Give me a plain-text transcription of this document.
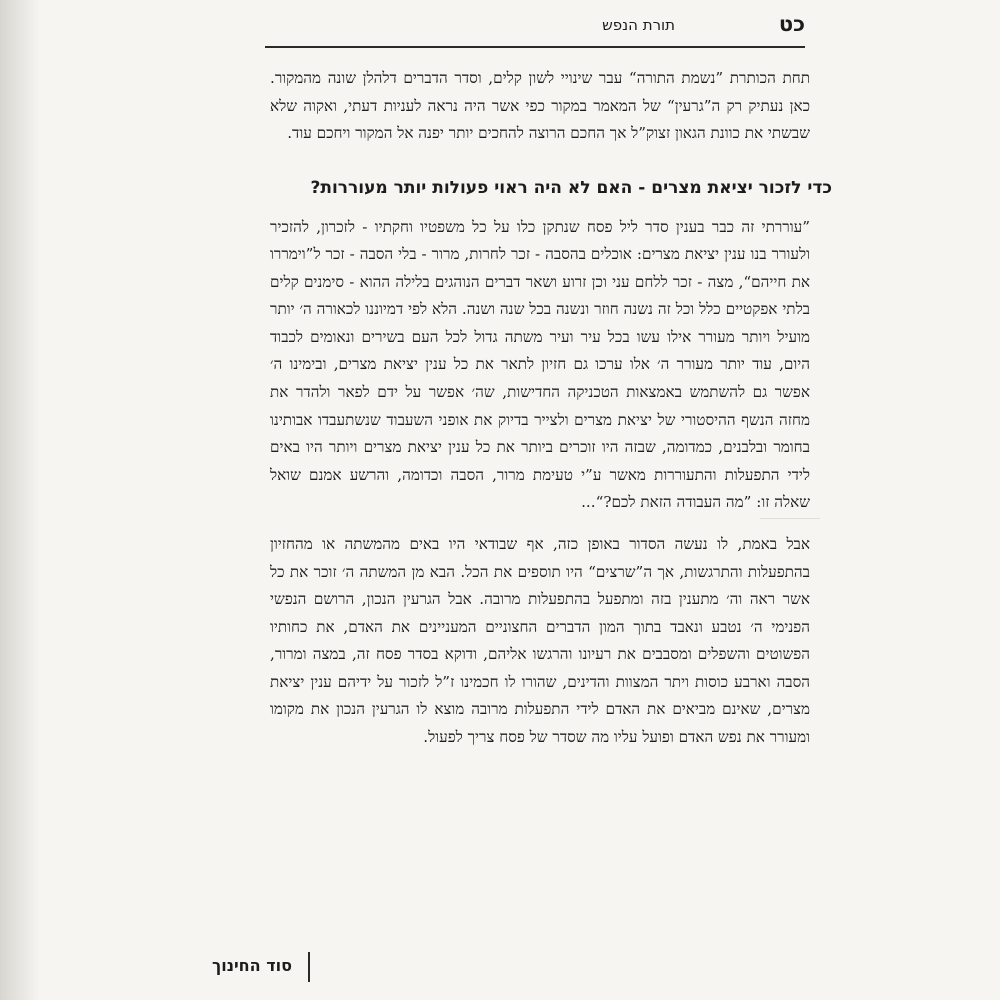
כט
תורת הנפש

תחת הכותרת ”נשמת התורה“ עבר שינויי לשון קלים, וסדר הדברים דלהלן שונה מהמקור. כאן נעתיק רק ה”גרעין“ של המאמר במקור כפי אשר היה נראה לעניות דעתי, ואקוה שלא שבשתי את כוונת הגאון זצוק”ל אך החכם הרוצה להחכים יותר יפנה אל המקור ויחכם עוד.

כדי לזכור יציאת מצרים - האם לא היה ראוי פעולות יותר מעוררות?

”עוררתי זה כבר בענין סדר ליל פסח שנתקן כלו על כל משפטיו וחקתיו - לזכרון, להזכיר ולעורר בנו ענין יציאת מצרים: אוכלים בהסבה - זכר לחרות, מרור - בלי הסבה - זכר ל”וימררו את חייהם“, מצה - זכר ללחם עני וכן זרוע ושאר דברים הנוהגים בלילה ההוא - סימנים קלים בלתי אפקטיים כלל וכל זה נשנה חוזר ונשנה בכל שנה ושנה. הלא לפי דמיוננו לכאורה ה׳ יותר מועיל ויותר מעורר אילו עשו בכל עיר ועיר משתה גדול לכל העם בשירים ונאומים לכבוד היום, עוד יותר מעורר ה׳ אלו ערכו גם חזיון לתאר את כל ענין יציאת מצרים, ובימינו ה׳ אפשר גם להשתמש באמצאות הטכניקה החדישות, שה׳ אפשר על ידם לפאר ולהדר את מחזה הנשף ההיסטורי של יציאת מצרים ולצייר בדיוק את אופני השעבוד שנשתעבדו אבותינו בחומר ובלבנים, כמדומה, שבזה היו זוכרים ביותר את כל ענין יציאת מצרים ויותר היו באים לידי התפעלות והתעוררות מאשר ע”י טעימת מרור, הסבה וכדומה, והרשע אמנם שואל שאלה זו: ”מה העבודה הזאת לכם?“...

אבל באמת, לו נעשה הסדור באופן כזה, אף שבודאי היו באים מהמשתה או מהחזיון בהתפעלות והתרגשות, אך ה”שרצים“ היו תוספים את הכל. הבא מן המשתה ה׳ זוכר את כל אשר ראה וה׳ מתענין בזה ומתפעל בהתפעלות מרובה. אבל הגרעין הנכון, הרושם הנפשי הפנימי ה׳ נטבע ונאבד בתוך המון הדברים החצוניים המעניינים את האדם, את כחותיו הפשוטים והשפלים ומסבבים את רעיונו והרגשו אליהם, ודוקא בסדר פסח זה, במצה ומרור, הסבה וארבע כוסות ויתר המצוות והדינים, שהורו לו חכמינו ז”ל לזכור על ידיהם ענין יציאת מצרים, שאינם מביאים את האדם לידי התפעלות מרובה מוצא לו הגרעין הנכון את מקומו ומעורר את נפש האדם ופועל עליו מה שסדר של פסח צריך לפעול.

סוד החינוך
